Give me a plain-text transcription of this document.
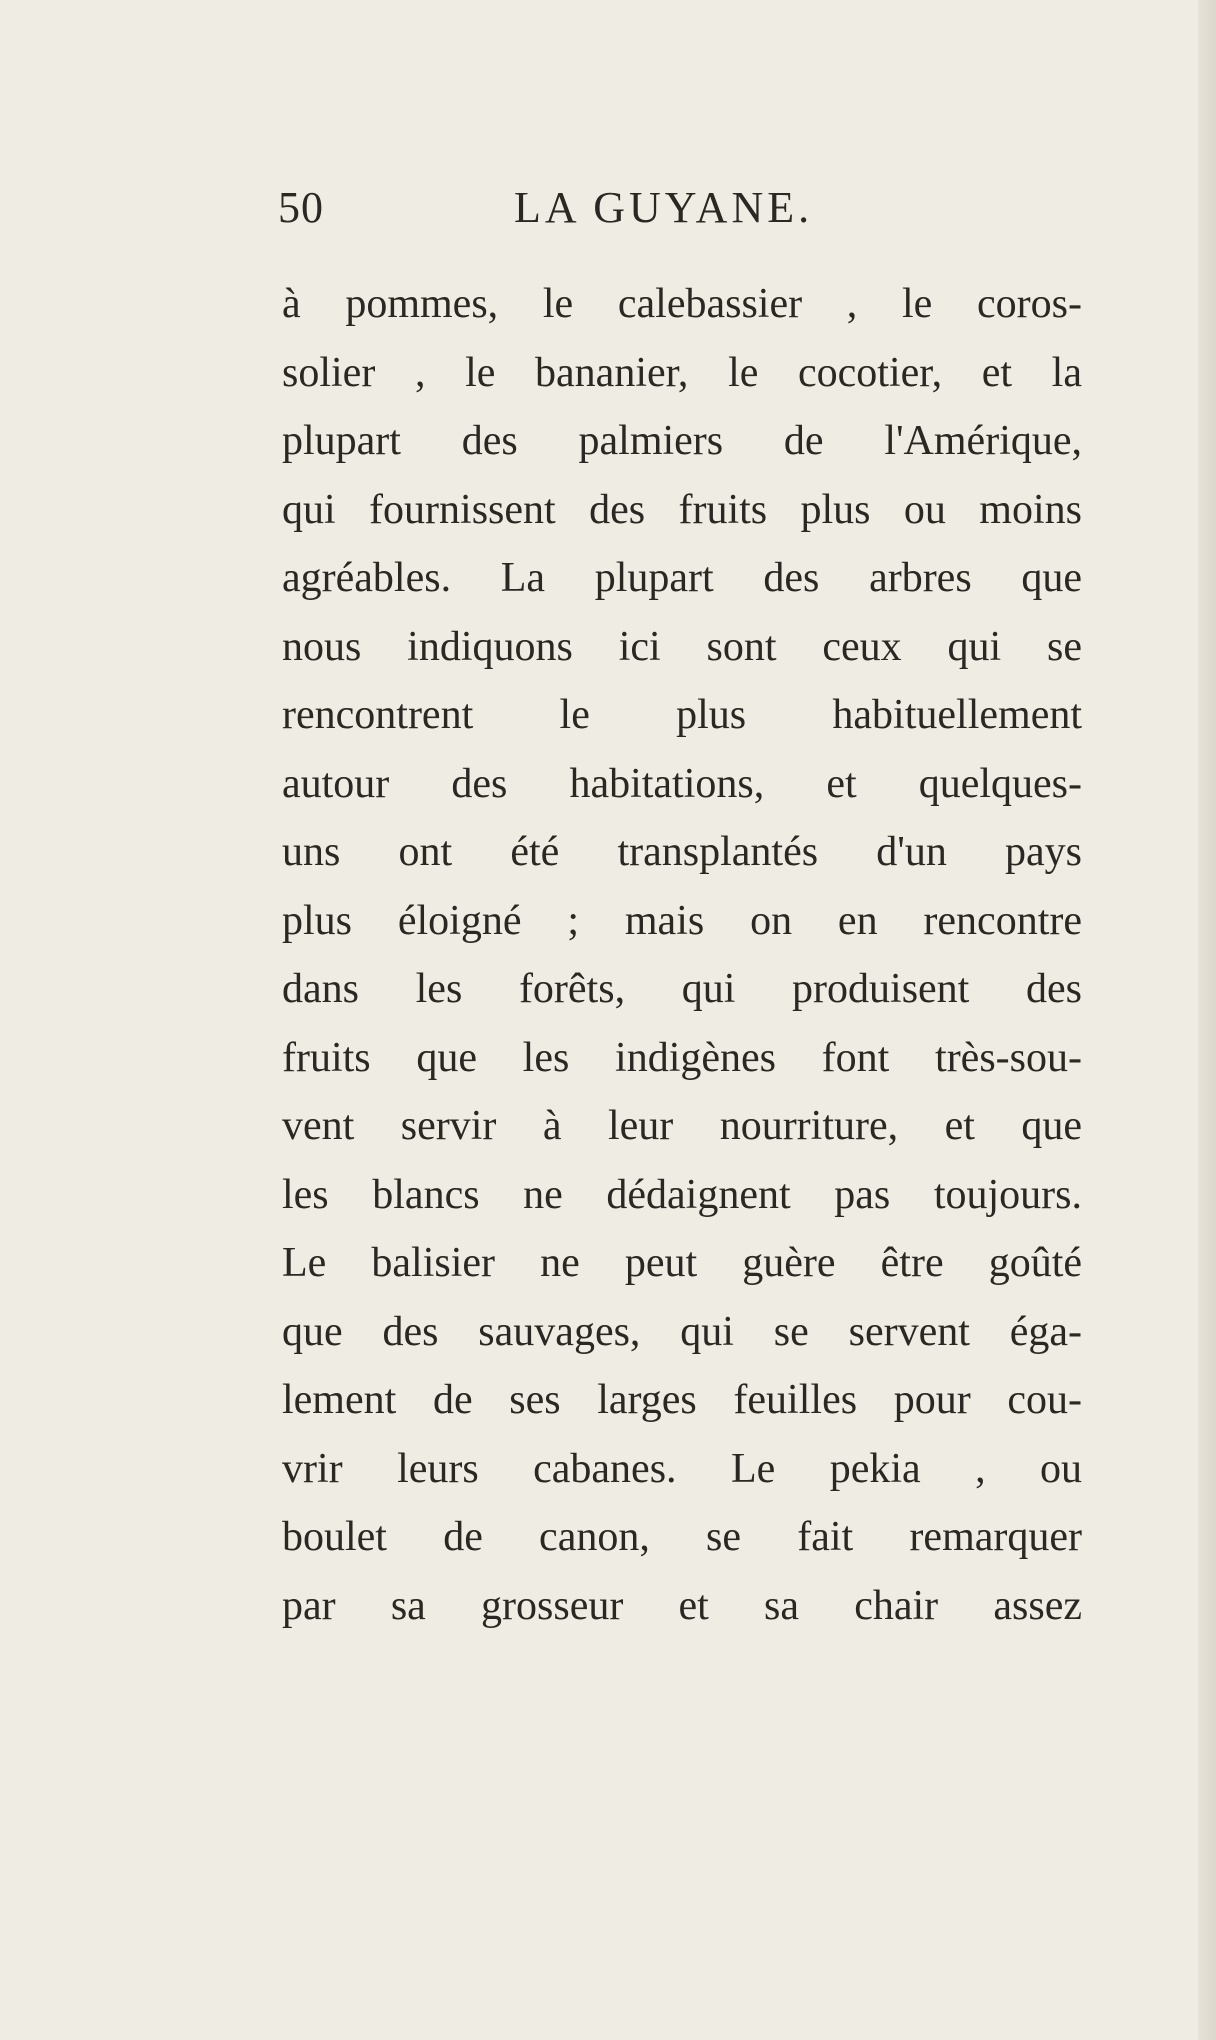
50	LA GUYANE.
à pommes, le calebassier , le coros-
solier , le bananier, le cocotier, et la
plupart des palmiers de l'Amérique,
qui fournissent des fruits plus ou moins
agréables. La plupart des arbres que
nous indiquons ici sont ceux qui se
rencontrent le plus habituellement
autour des habitations, et quelques-
uns ont été transplantés d'un pays
plus éloigné ; mais on en rencontre
dans les forêts, qui produisent des
fruits que les indigènes font très-sou-
vent servir à leur nourriture, et que
les blancs ne dédaignent pas toujours.
Le balisier ne peut guère être goûté
que des sauvages, qui se servent éga-
lement de ses larges feuilles pour cou-
vrir leurs cabanes. Le pekia , ou
boulet de canon, se fait remarquer
par sa grosseur et sa chair assez
